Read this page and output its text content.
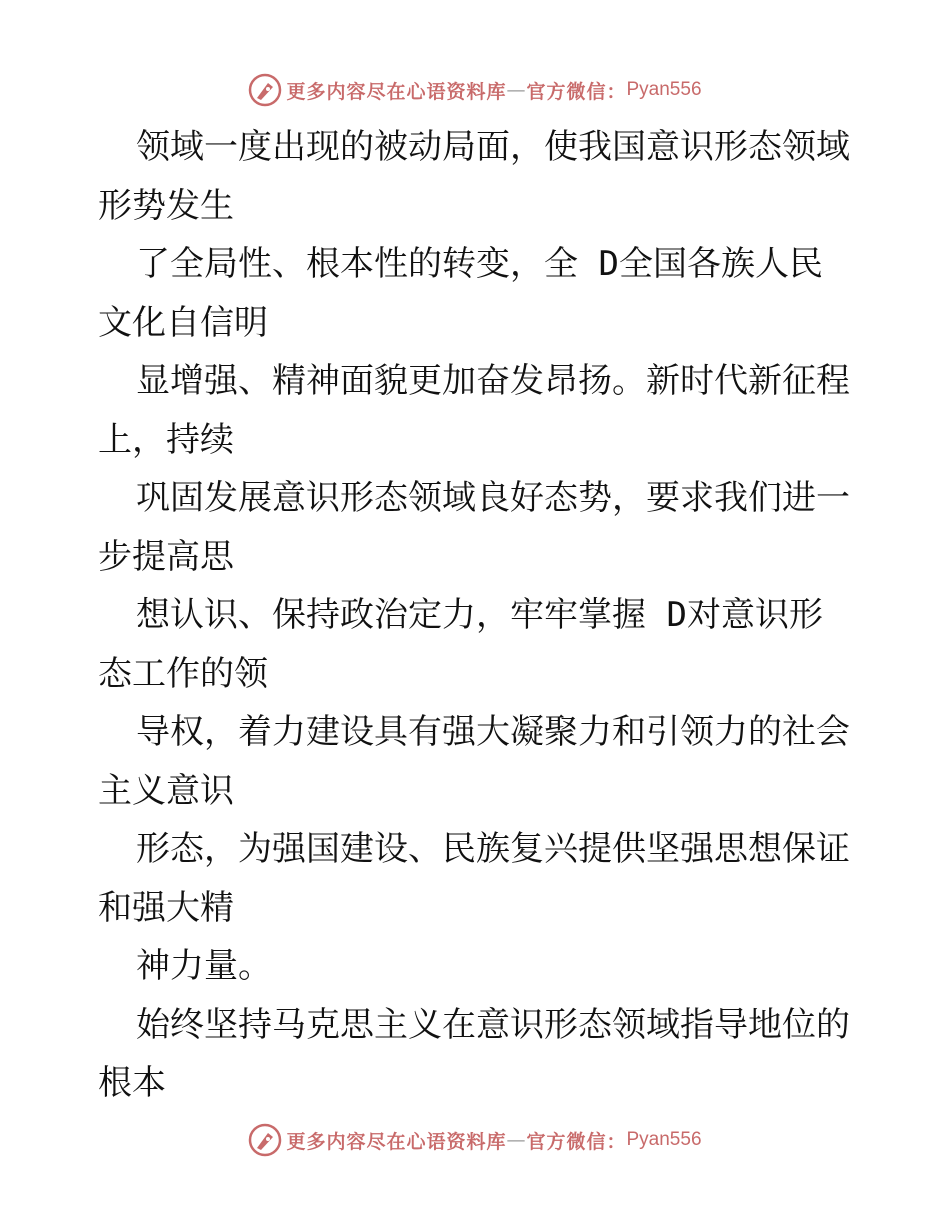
更多内容尽在心语资料库 — 官方微信： Pyan556

领域一度出现的被动局面，使我国意识形态领域

形势发生

了全局性、根本性的转变，全 D全国各族人民

文化自信明

显增强、精神面貌更加奋发昂扬。新时代新征程

上，持续

巩固发展意识形态领域良好态势，要求我们进一

步提高思

想认识、保持政治定力，牢牢掌握 D对意识形

态工作的领

导权，着力建设具有强大凝聚力和引领力的社会

主义意识

形态，为强国建设、民族复兴提供坚强思想保证

和强大精

神力量。

始终坚持马克思主义在意识形态领域指导地位的

根本

更多内容尽在心语资料库 — 官方微信： Pyan556
